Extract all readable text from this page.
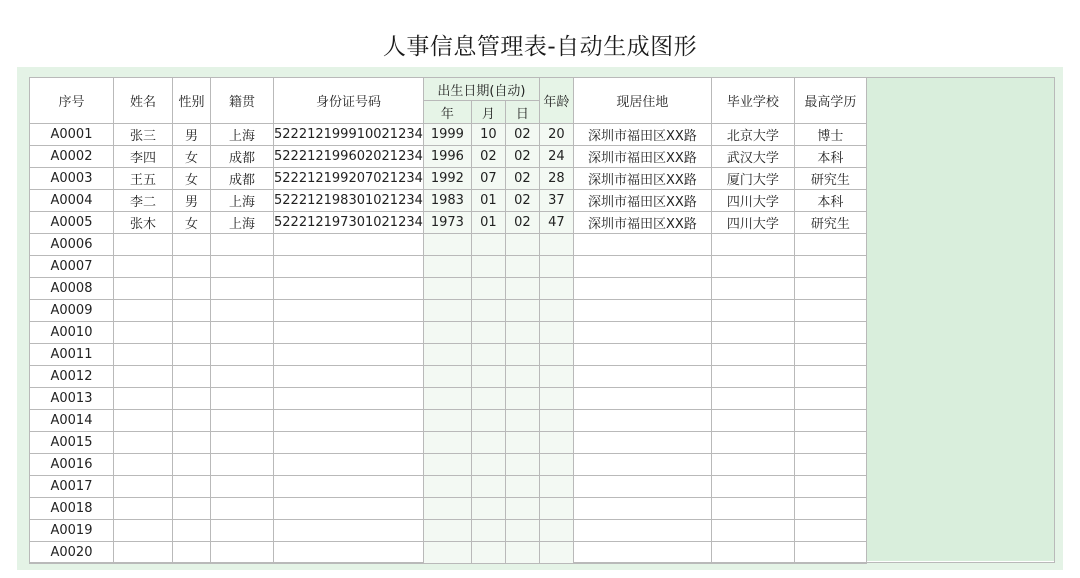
人事信息管理表-自动生成图形
序号	姓名	性别	籍贯	身份证号码	出生日期(自动)			年龄	现居住地	毕业学校	最高学历
					年	月	日				
A0001	张三	男	上海	522212199910021234	1999	10	02	20	深圳市福田区XX路	北京大学	博士
A0002	李四	女	成都	522212199602021234	1996	02	02	24	深圳市福田区XX路	武汉大学	本科
A0003	王五	女	成都	522212199207021234	1992	07	02	28	深圳市福田区XX路	厦门大学	研究生
A0004	李二	男	上海	522212198301021234	1983	01	02	37	深圳市福田区XX路	四川大学	本科
A0005	张木	女	上海	522212197301021234	1973	01	02	47	深圳市福田区XX路	四川大学	研究生
A0006											
A0007											
A0008											
A0009											
A0010											
A0011											
A0012											
A0013											
A0014											
A0015											
A0016											
A0017											
A0018											
A0019											
A0020											
